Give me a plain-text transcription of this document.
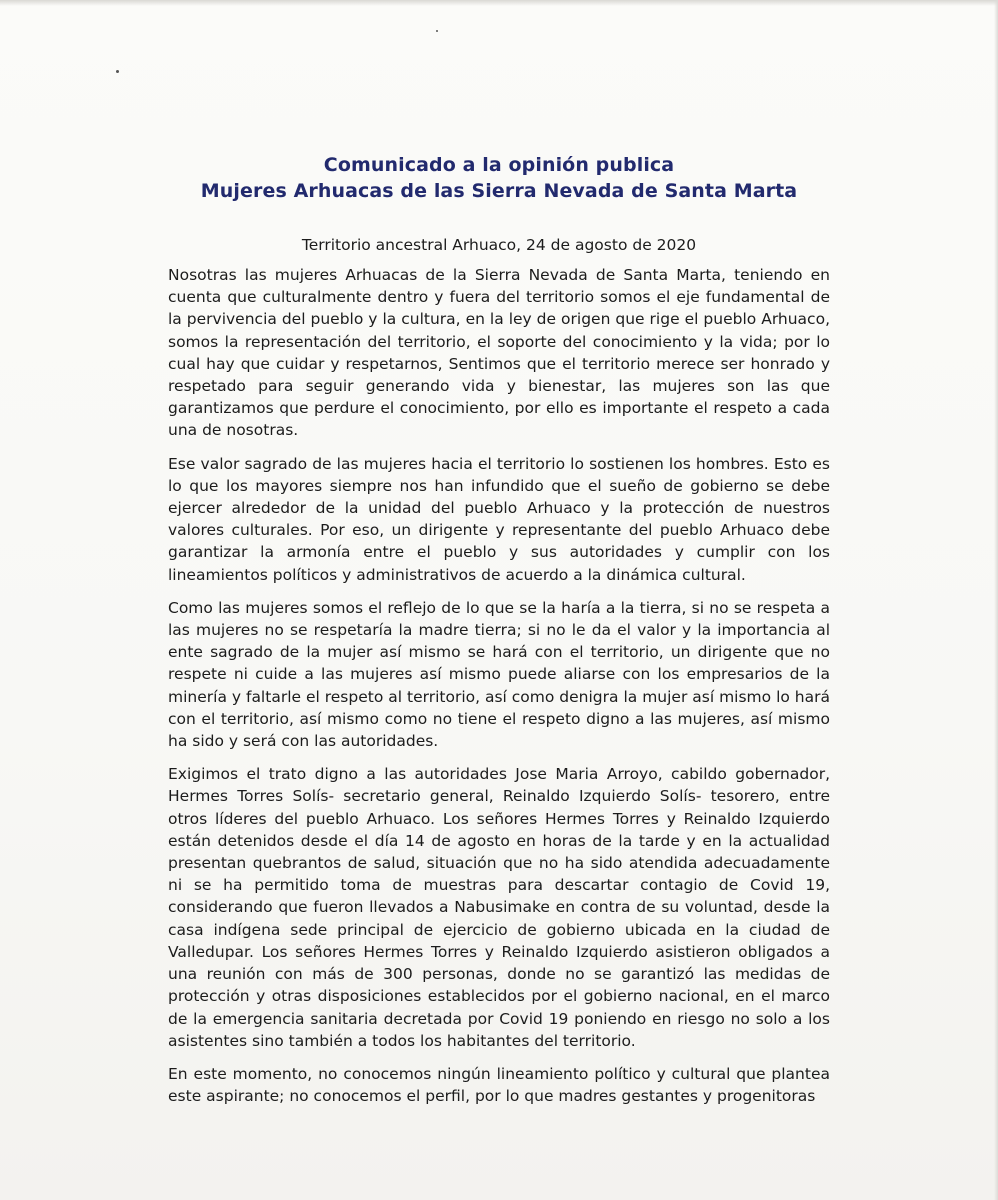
Comunicado a la opinión publica
Mujeres Arhuacas de las Sierra Nevada de Santa Marta
Territorio ancestral Arhuaco, 24 de agosto de 2020

Nosotras las mujeres Arhuacas de la Sierra Nevada de Santa Marta, teniendo en cuenta que culturalmente dentro y fuera del territorio somos el eje fundamental de la pervivencia del pueblo y la cultura, en la ley de origen que rige el pueblo Arhuaco, somos la representación del territorio, el soporte del conocimiento y la vida; por lo cual hay que cuidar y respetarnos, Sentimos que el territorio merece ser honrado y respetado para seguir generando vida y bienestar, las mujeres son las que garantizamos que perdure el conocimiento, por ello es importante el respeto a cada una de nosotras.

Ese valor sagrado de las mujeres hacia el territorio lo sostienen los hombres. Esto es lo que los mayores siempre nos han infundido que el sueño de gobierno se debe ejercer alrededor de la unidad del pueblo Arhuaco y la protección de nuestros valores culturales. Por eso, un dirigente y representante del pueblo Arhuaco debe garantizar la armonía entre el pueblo y sus autoridades y cumplir con los lineamientos políticos y administrativos de acuerdo a la dinámica cultural.

Como las mujeres somos el reflejo de lo que se la haría a la tierra, si no se respeta a las mujeres no se respetaría la madre tierra; si no le da el valor y la importancia al ente sagrado de la mujer así mismo se hará con el territorio, un dirigente que no respete ni cuide a las mujeres así mismo puede aliarse con los empresarios de la minería y faltarle el respeto al territorio, así como denigra la mujer así mismo lo hará con el territorio, así mismo como no tiene el respeto digno a las mujeres, así mismo ha sido y será con las autoridades.

Exigimos el trato digno a las autoridades Jose Maria Arroyo, cabildo gobernador, Hermes Torres Solís- secretario general, Reinaldo Izquierdo Solís- tesorero, entre otros líderes del pueblo Arhuaco. Los señores Hermes Torres y Reinaldo Izquierdo están detenidos desde el día 14 de agosto en horas de la tarde y en la actualidad presentan quebrantos de salud, situación que no ha sido atendida adecuadamente ni se ha permitido toma de muestras para descartar contagio de Covid 19, considerando que fueron llevados a Nabusimake en contra de su voluntad, desde la casa indígena sede principal de ejercicio de gobierno ubicada en la ciudad de Valledupar. Los señores Hermes Torres y Reinaldo Izquierdo asistieron obligados a una reunión con más de 300 personas, donde no se garantizó las medidas de protección y otras disposiciones establecidos por el gobierno nacional, en el marco de la emergencia sanitaria decretada por Covid 19 poniendo en riesgo no solo a los asistentes sino también a todos los habitantes del territorio.

En este momento, no conocemos ningún lineamiento político y cultural que plantea este aspirante; no conocemos el perfil, por lo que madres gestantes y progenitoras
